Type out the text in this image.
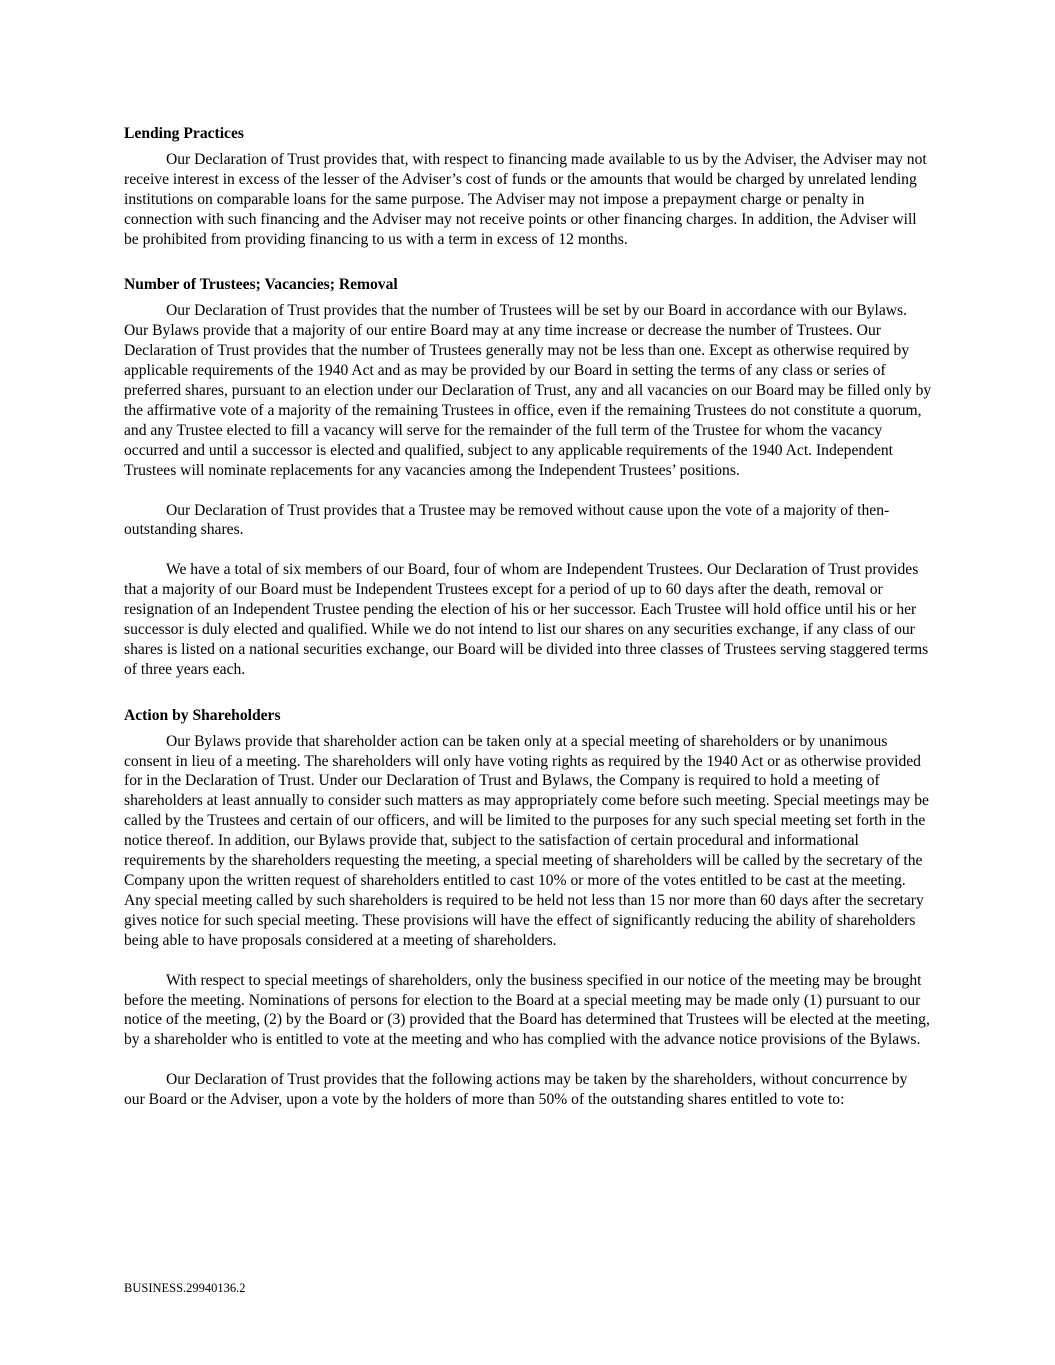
Lending Practices

Our Declaration of Trust provides that, with respect to financing made available to us by the Adviser, the Adviser may not receive interest in excess of the lesser of the Adviser’s cost of funds or the amounts that would be charged by unrelated lending institutions on comparable loans for the same purpose. The Adviser may not impose a prepayment charge or penalty in connection with such financing and the Adviser may not receive points or other financing charges. In addition, the Adviser will be prohibited from providing financing to us with a term in excess of 12 months.

Number of Trustees; Vacancies; Removal

Our Declaration of Trust provides that the number of Trustees will be set by our Board in accordance with our Bylaws. Our Bylaws provide that a majority of our entire Board may at any time increase or decrease the number of Trustees. Our Declaration of Trust provides that the number of Trustees generally may not be less than one. Except as otherwise required by applicable requirements of the 1940 Act and as may be provided by our Board in setting the terms of any class or series of preferred shares, pursuant to an election under our Declaration of Trust, any and all vacancies on our Board may be filled only by the affirmative vote of a majority of the remaining Trustees in office, even if the remaining Trustees do not constitute a quorum, and any Trustee elected to fill a vacancy will serve for the remainder of the full term of the Trustee for whom the vacancy occurred and until a successor is elected and qualified, subject to any applicable requirements of the 1940 Act. Independent Trustees will nominate replacements for any vacancies among the Independent Trustees’ positions.

Our Declaration of Trust provides that a Trustee may be removed without cause upon the vote of a majority of then-outstanding shares.

We have a total of six members of our Board, four of whom are Independent Trustees. Our Declaration of Trust provides that a majority of our Board must be Independent Trustees except for a period of up to 60 days after the death, removal or resignation of an Independent Trustee pending the election of his or her successor. Each Trustee will hold office until his or her successor is duly elected and qualified. While we do not intend to list our shares on any securities exchange, if any class of our shares is listed on a national securities exchange, our Board will be divided into three classes of Trustees serving staggered terms of three years each.

Action by Shareholders

Our Bylaws provide that shareholder action can be taken only at a special meeting of shareholders or by unanimous consent in lieu of a meeting. The shareholders will only have voting rights as required by the 1940 Act or as otherwise provided for in the Declaration of Trust. Under our Declaration of Trust and Bylaws, the Company is required to hold a meeting of shareholders at least annually to consider such matters as may appropriately come before such meeting. Special meetings may be called by the Trustees and certain of our officers, and will be limited to the purposes for any such special meeting set forth in the notice thereof. In addition, our Bylaws provide that, subject to the satisfaction of certain procedural and informational requirements by the shareholders requesting the meeting, a special meeting of shareholders will be called by the secretary of the Company upon the written request of shareholders entitled to cast 10% or more of the votes entitled to be cast at the meeting. Any special meeting called by such shareholders is required to be held not less than 15 nor more than 60 days after the secretary gives notice for such special meeting. These provisions will have the effect of significantly reducing the ability of shareholders being able to have proposals considered at a meeting of shareholders.

With respect to special meetings of shareholders, only the business specified in our notice of the meeting may be brought before the meeting. Nominations of persons for election to the Board at a special meeting may be made only (1) pursuant to our notice of the meeting, (2) by the Board or (3) provided that the Board has determined that Trustees will be elected at the meeting, by a shareholder who is entitled to vote at the meeting and who has complied with the advance notice provisions of the Bylaws.

Our Declaration of Trust provides that the following actions may be taken by the shareholders, without concurrence by our Board or the Adviser, upon a vote by the holders of more than 50% of the outstanding shares entitled to vote to:

BUSINESS.29940136.2
